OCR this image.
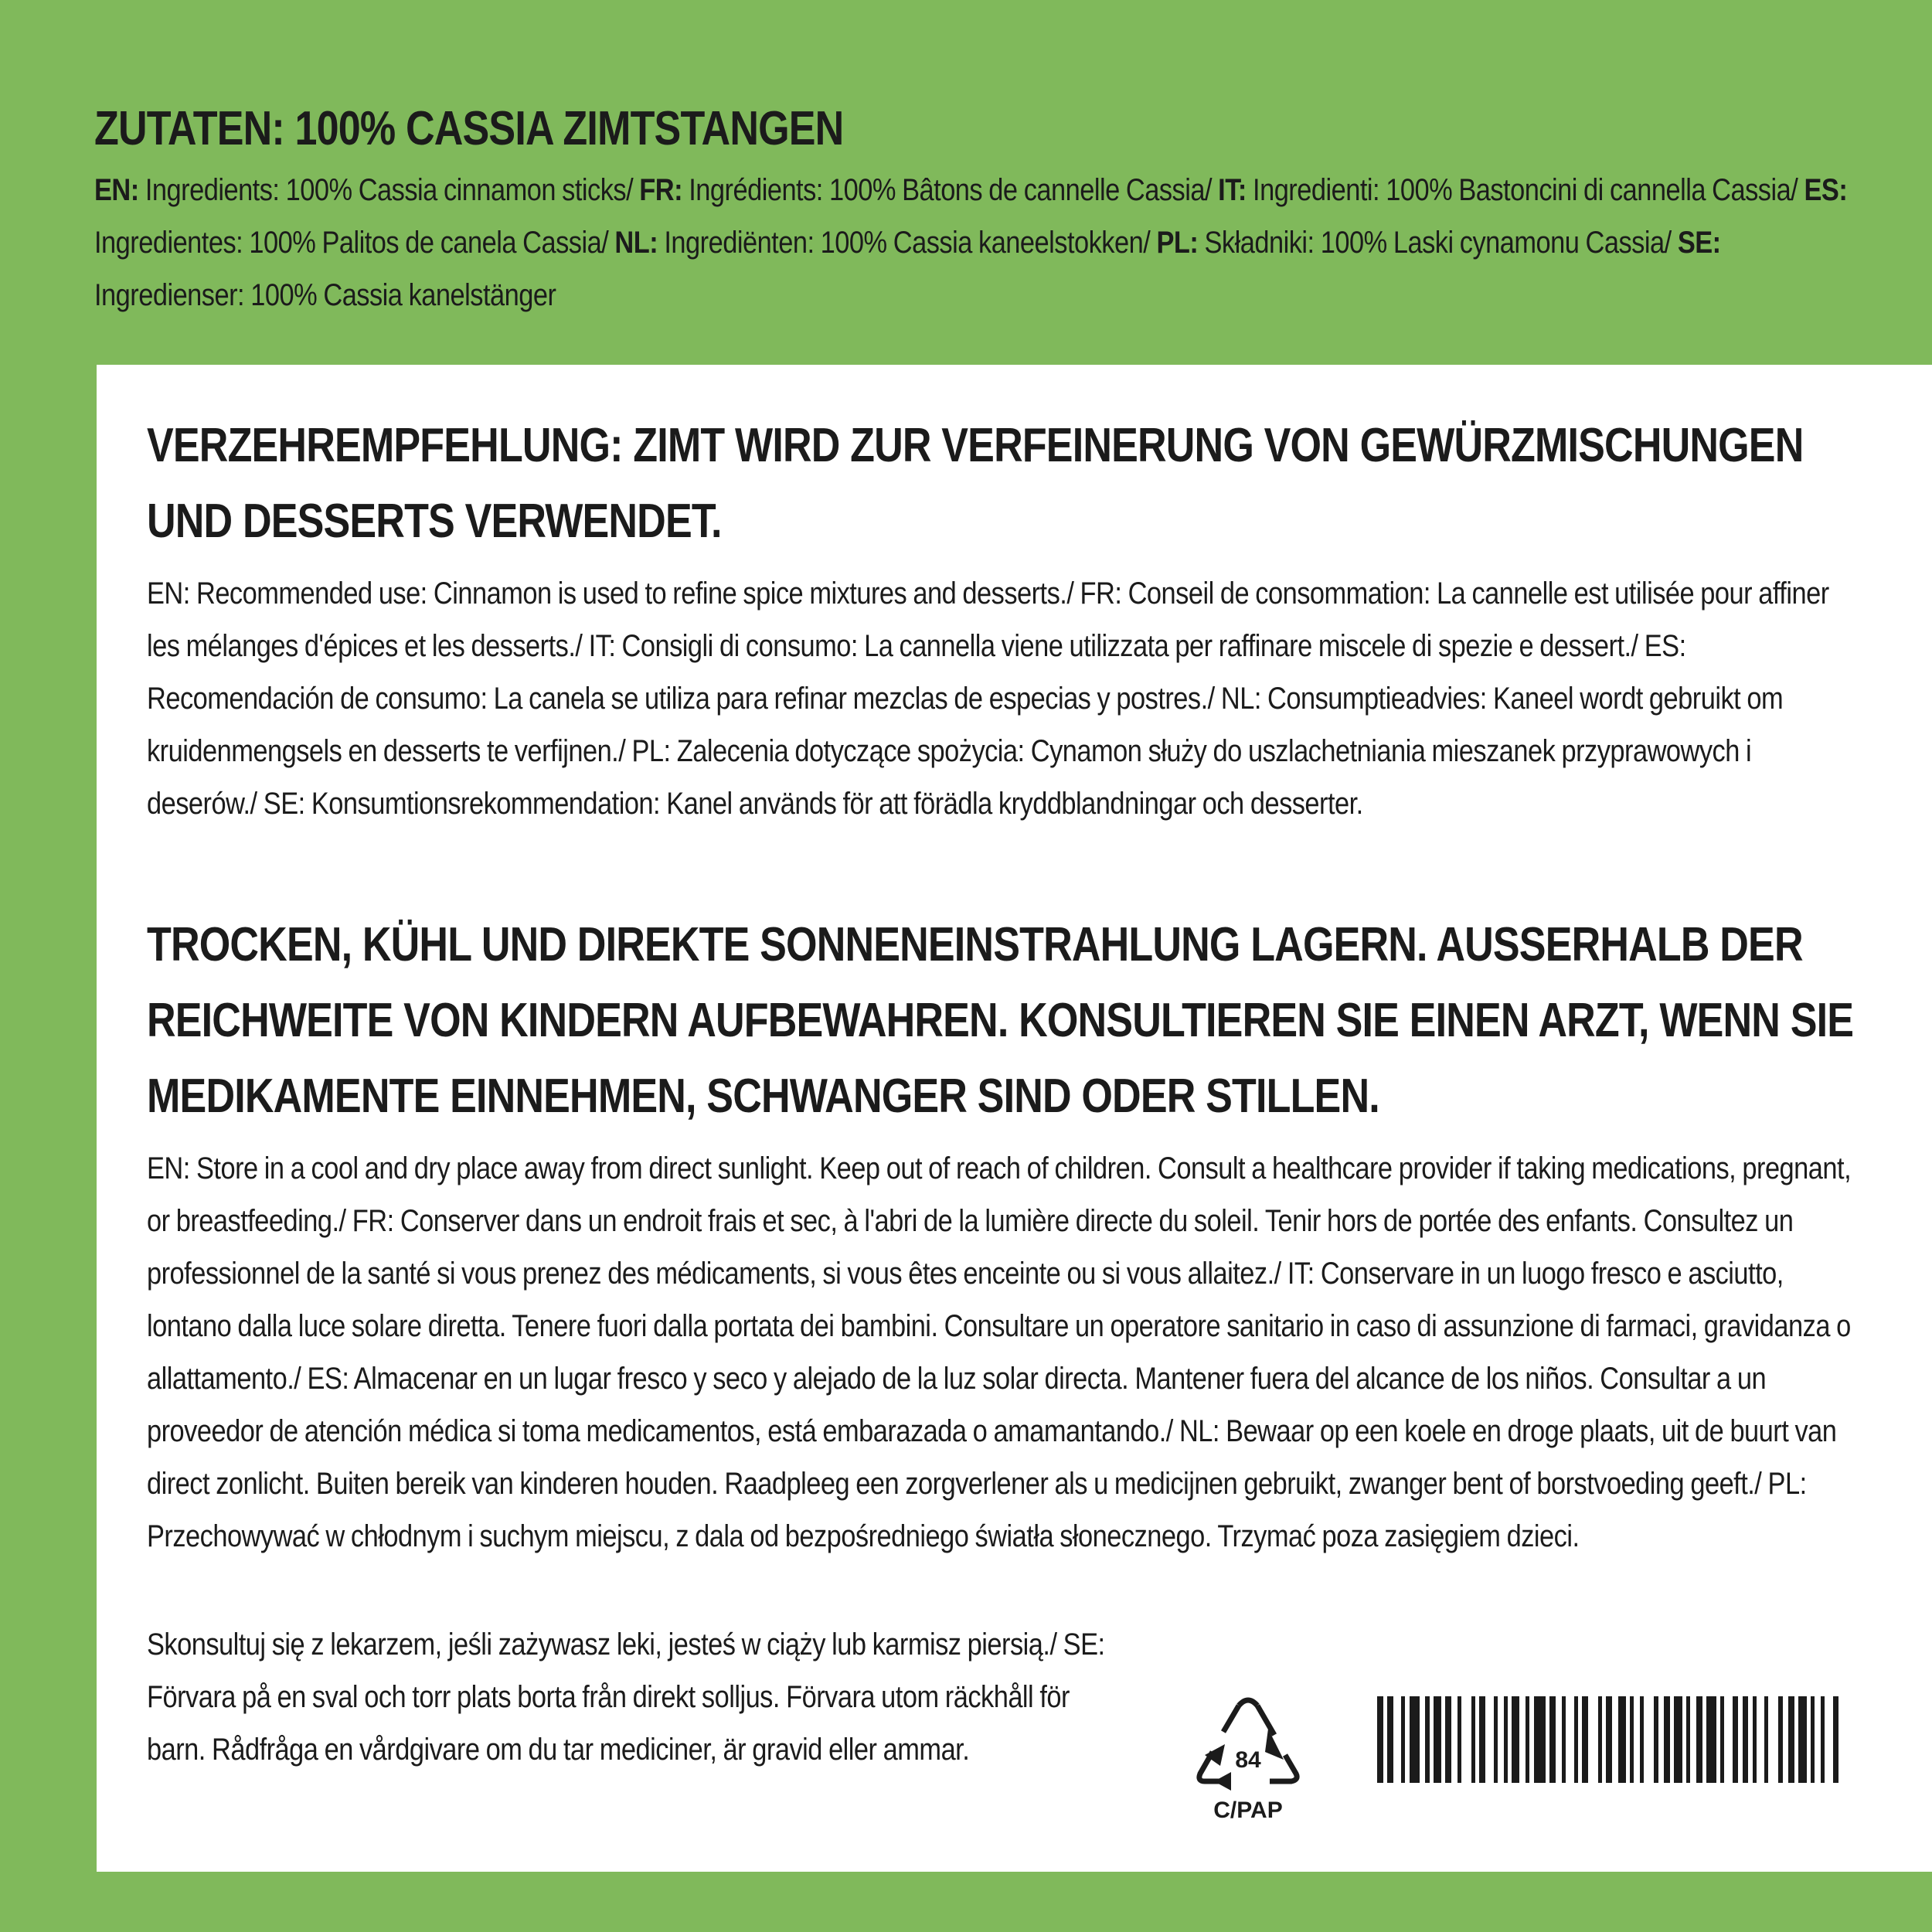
ZUTATEN: 100% CASSIA ZIMTSTANGEN
EN: Ingredients: 100% Cassia cinnamon sticks/ FR: Ingrédients: 100% Bâtons de cannelle Cassia/ IT: Ingredienti: 100% Bastoncini di cannella Cassia/ ES: Ingredientes: 100% Palitos de canela Cassia/ NL: Ingrediënten: 100% Cassia kaneelstokken/ PL: Składniki: 100% Laski cynamonu Cassia/ SE: Ingredienser: 100% Cassia kanelstänger
VERZEHREMPFEHLUNG: ZIMT WIRD ZUR VERFEINERUNG VON GEWÜRZMISCHUNGEN UND DESSERTS VERWENDET.
EN: Recommended use: Cinnamon is used to refine spice mixtures and desserts./ FR: Conseil de consommation: La cannelle est utilisée pour affiner les mélanges d'épices et les desserts./ IT: Consigli di consumo: La cannella viene utilizzata per raffinare miscele di spezie e dessert./ ES: Recomendación de consumo: La canela se utiliza para refinar mezclas de especias y postres./ NL: Consumptieadvies: Kaneel wordt gebruikt om kruidenmengsels en desserts te verfijnen./ PL: Zalecenia dotyczące spożycia: Cynamon służy do uszlachetniania mieszanek przyprawowych i deserów./ SE: Konsumtionsrekommendation: Kanel används för att förädla kryddblandningar och desserter.
TROCKEN, KÜHL UND DIREKTE SONNENEINSTRAHLUNG LAGERN. AUSSERHALB DER REICHWEITE VON KINDERN AUFBEWAHREN. KONSULTIEREN SIE EINEN ARZT, WENN SIE MEDIKAMENTE EINNEHMEN, SCHWANGER SIND ODER STILLEN.
EN: Store in a cool and dry place away from direct sunlight. Keep out of reach of children. Consult a healthcare provider if taking medications, pregnant, or breastfeeding./ FR: Conserver dans un endroit frais et sec, à l'abri de la lumière directe du soleil. Tenir hors de portée des enfants. Consultez un professionnel de la santé si vous prenez des médicaments, si vous êtes enceinte ou si vous allaitez./ IT: Conservare in un luogo fresco e asciutto, lontano dalla luce solare diretta. Tenere fuori dalla portata dei bambini. Consultare un operatore sanitario in caso di assunzione di farmaci, gravidanza o allattamento./ ES: Almacenar en un lugar fresco y seco y alejado de la luz solar directa. Mantener fuera del alcance de los niños. Consultar a un proveedor de atención médica si toma medicamentos, está embarazada o amamantando./ NL: Bewaar op een koele en droge plaats, uit de buurt van direct zonlicht. Buiten bereik van kinderen houden. Raadpleeg een zorgverlener als u medicijnen gebruikt, zwanger bent of borstvoeding geeft./ PL: Przechowywać w chłodnym i suchym miejscu, z dala od bezpośredniego światła słonecznego. Trzymać poza zasięgiem dzieci.
Skonsultuj się z lekarzem, jeśli zażywasz leki, jesteś w ciąży lub karmisz piersią./ SE: Förvara på en sval och torr plats borta från direkt solljus. Förvara utom räckhåll för barn. Rådfråga en vårdgivare om du tar mediciner, är gravid eller ammar.	84
C/PAP
